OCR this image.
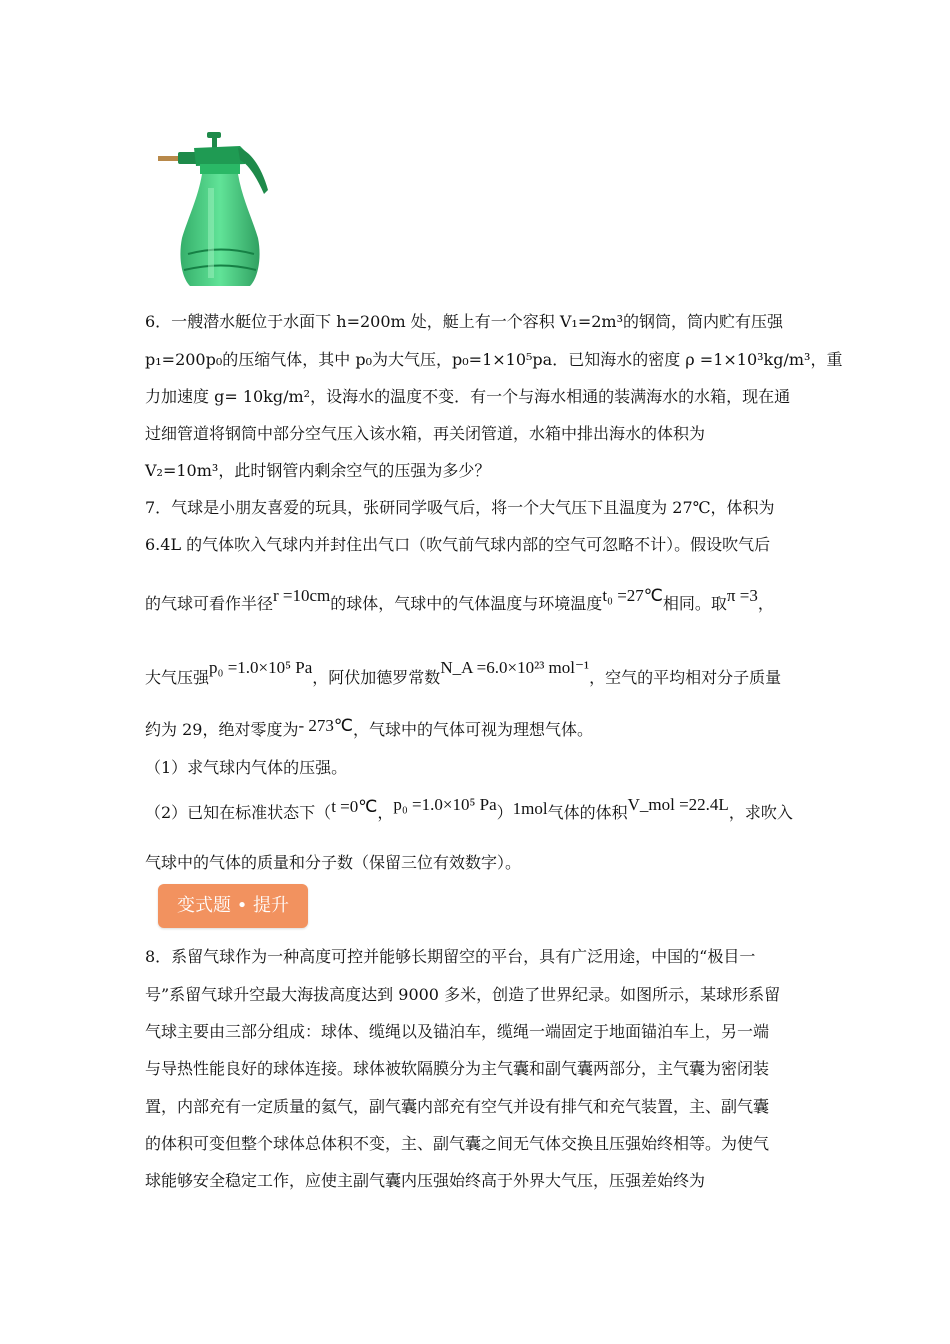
6．一艘潜水艇位于水面下 h=200m 处，艇上有一个容积 V₁=2m³的钢筒，筒内贮有压强
p₁=200p₀的压缩气体，其中 p₀为大气压，p₀=1×10⁵pa．已知海水的密度 ρ =1×10³kg/m³，重
力加速度 g= 10kg/m²，设海水的温度不变．有一个与海水相通的装满海水的水箱，现在通
过细管道将钢筒中部分空气压入该水箱，再关闭管道，水箱中排出海水的体积为
V₂=10m³，此时钢管内剩余空气的压强为多少？
7．气球是小朋友喜爱的玩具，张研同学吸气后，将一个大气压下且温度为 27℃，体积为
6.4L 的气体吹入气球内并封住出气口（吹气前气球内部的空气可忽略不计）。假设吹气后
的气球可看作半径r =10cm的球体，气球中的气体温度与环境温度t₀ =27℃相同。取π =3，
大气压强p₀ =1.0×10⁵ Pa，阿伏加德罗常数N_A =6.0×10²³ mol⁻¹，空气的平均相对分子质量
约为 29，绝对零度为- 273℃，气球中的气体可视为理想气体。
（1）求气球内气体的压强。
（2）已知在标准状态下（t =0℃，p₀ =1.0×10⁵ Pa）1mol气体的体积V_mol =22.4L，求吹入
气球中的气体的质量和分子数（保留三位有效数字）。
变式题 • 提升
8．系留气球作为一种高度可控并能够长期留空的平台，具有广泛用途，中国的“极目一
号”系留气球升空最大海拔高度达到 9000 多米，创造了世界纪录。如图所示，某球形系留
气球主要由三部分组成：球体、缆绳以及锚泊车，缆绳一端固定于地面锚泊车上，另一端
与导热性能良好的球体连接。球体被软隔膜分为主气囊和副气囊两部分，主气囊为密闭装
置，内部充有一定质量的氦气，副气囊内部充有空气并设有排气和充气装置，主、副气囊
的体积可变但整个球体总体积不变，主、副气囊之间无气体交换且压强始终相等。为使气
球能够安全稳定工作，应使主副气囊内压强始终高于外界大气压，压强差始终为
